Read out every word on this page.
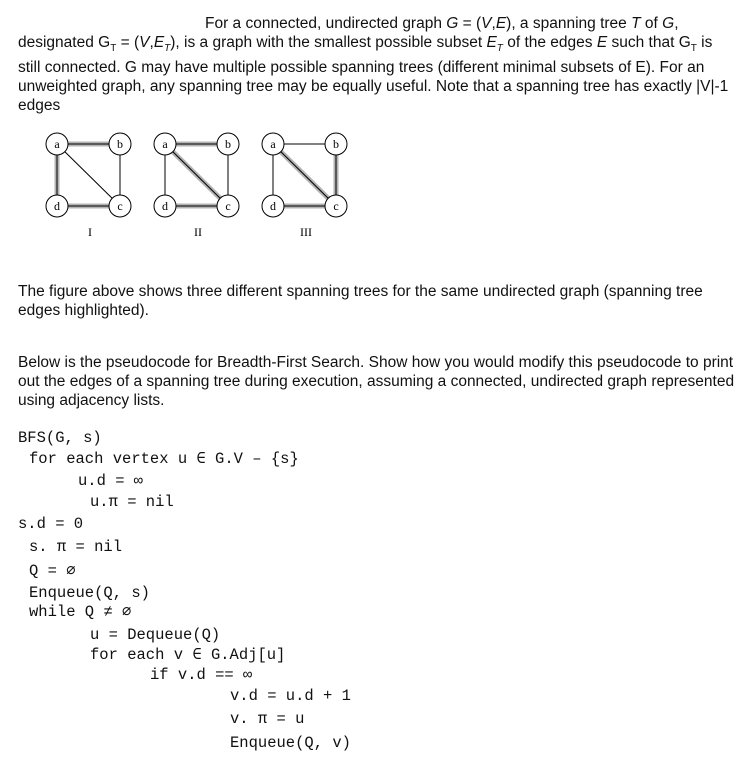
For a connected, undirected graph G = (V,E), a spanning tree T of G, designated $G_T = (V,E_T)$, is a graph with the smallest possible subset $E_T$ of the edges E such that $G_T$ is still connected. G may have multiple possible spanning trees (different minimal subsets of E). For an unweighted graph, any spanning tree may be equally useful. Note that a spanning tree has exactly |V|-1 edges

a	b
c
d
I
a	b
c
d
II
a	b
c
d
III

The figure above shows three different spanning trees for the same undirected graph (spanning tree edges highlighted).

Below is the pseudocode for Breadth-First Search. Show how you would modify this pseudocode to print out the edges of a spanning tree during execution, assuming a connected, undirected graph represented using adjacency lists.

BFS(G, s)
for each vertex u ∈ G.V – {s}
u.d = ∞
u.π = nil
s.d = 0
s. π = nil
Q = ∅
Enqueue(Q, s)
while Q ≠ ∅
u = Dequeue(Q)
for each v ∈ G.Adj[u]
if v.d == ∞
v.d = u.d + 1
v. π = u
Enqueue(Q, v)
